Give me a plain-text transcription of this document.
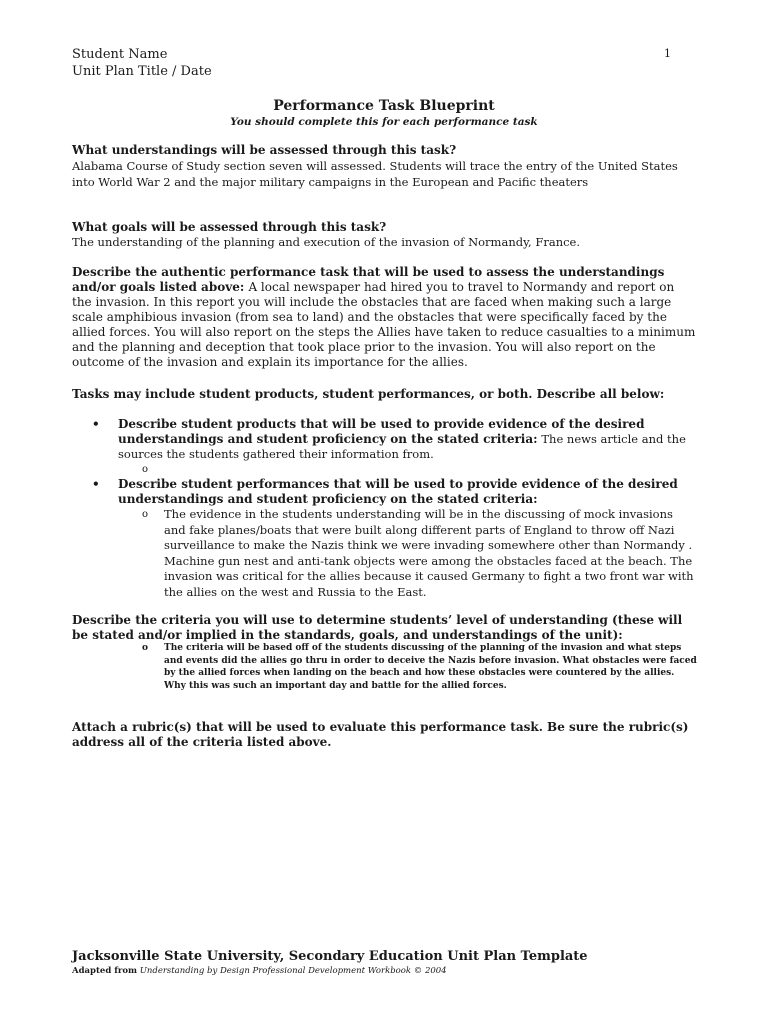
Student Name
Unit Plan Title / Date
1
Performance Task Blueprint
You should complete this for each performance task
What understandings will be assessed through this task?
Alabama Course of Study section seven will assessed. Students will trace the entry of the United States into World War 2 and the major military campaigns in the European and Pacific theaters
What goals will be assessed through this task?
The understanding of the planning and execution of the invasion of Normandy, France.
Describe the authentic performance task that will be used to assess the understandings and/or goals listed above: A local newspaper had hired you to travel to Normandy and report on the invasion. In this report you will include the obstacles that are faced when making such a large scale amphibious invasion (from sea to land) and the obstacles that were specifically faced by the allied forces. You will also report on the steps the Allies have taken to reduce casualties to a minimum and the planning and deception that took place prior to the invasion. You will also report on the outcome of the invasion and explain its importance for the allies.
Tasks may include student products, student performances, or both. Describe all below:
• Describe student products that will be used to provide evidence of the desired understandings and student proficiency on the stated criteria: The news article and the sources the students gathered their information from.
o
• Describe student performances that will be used to provide evidence of the desired understandings and student proficiency on the stated criteria:
o The evidence in the students understanding will be in the discussing of mock invasions and fake planes/boats that were built along different parts of England to throw off Nazi surveillance to make the Nazis think we were invading somewhere other than Normandy . Machine gun nest and anti-tank objects were among the obstacles faced at the beach. The invasion was critical for the allies because it caused Germany to fight a two front war with the allies on the west and Russia to the East.
Describe the criteria you will use to determine students’ level of understanding (these will be stated and/or implied in the standards, goals, and understandings of the unit):
o The criteria will be based off of the students discussing of the planning of the invasion and what steps and events did the allies go thru in order to deceive the Nazis before invasion. What obstacles were faced by the allied forces when landing on the beach and how these obstacles were countered by the allies. Why this was such an important day and battle for the allied forces.
Attach a rubric(s) that will be used to evaluate this performance task. Be sure the rubric(s) address all of the criteria listed above.
Jacksonville State University, Secondary Education Unit Plan Template
Adapted from Understanding by Design Professional Development Workbook © 2004
